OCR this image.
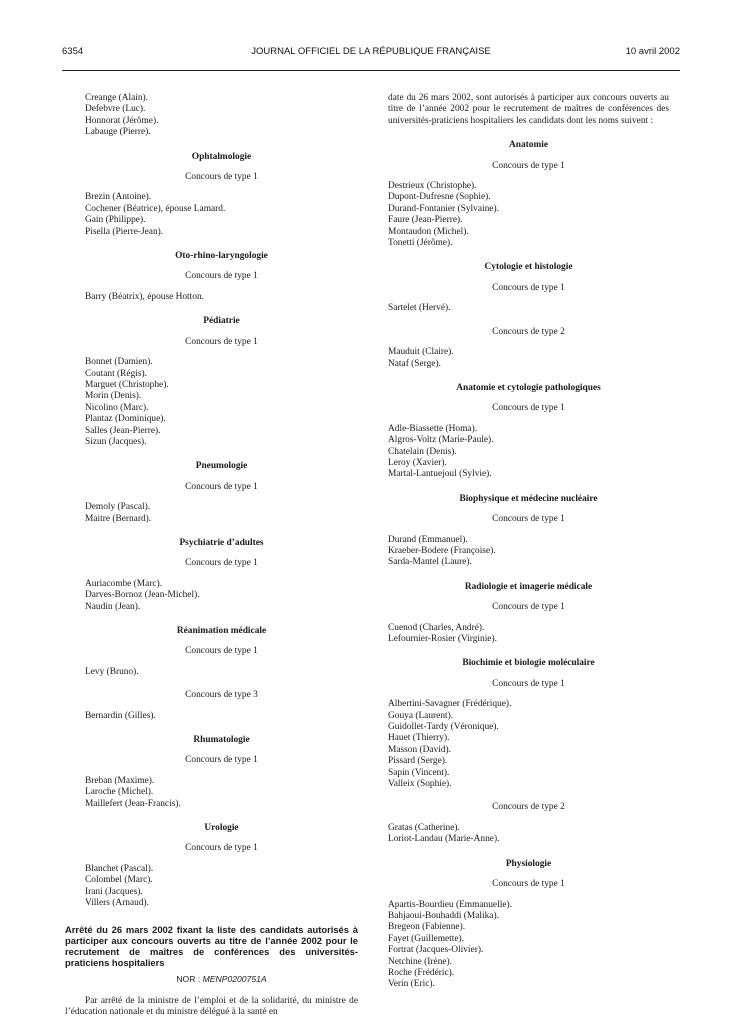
6354	JOURNAL OFFICIEL DE LA RÉPUBLIQUE FRANÇAISE	10 avril 2002
Creange (Alain).
Defebvre (Luc).
Honnorat (Jérôme).
Labauge (Pierre).
Ophtalmologie
Concours de type 1
Brezin (Antoine).
Cochener (Béatrice), épouse Lamard.
Gain (Philippe).
Pisella (Pierre-Jean).
Oto-rhino-laryngologie
Concours de type 1
Barry (Béatrix), épouse Hotton.
Pédiatrie
Concours de type 1
Bonnet (Damien).
Coutant (Régis).
Marguet (Christophe).
Morin (Denis).
Nicolino (Marc).
Plantaz (Dominique).
Salles (Jean-Pierre).
Sizun (Jacques).
Pneumologie
Concours de type 1
Demoly (Pascal).
Maitre (Bernard).
Psychiatrie d’adultes
Concours de type 1
Auriacombe (Marc).
Darves-Bornoz (Jean-Michel).
Naudin (Jean).
Réanimation médicale
Concours de type 1
Levy (Bruno).
Concours de type 3
Bernardin (Gilles).
Rhumatologie
Concours de type 1
Breban (Maxime).
Laroche (Michel).
Maillefert (Jean-Francis).
Urologie
Concours de type 1
Blanchet (Pascal).
Colombel (Marc).
Irani (Jacques).
Villers (Arnaud).
Arrêté du 26 mars 2002 fixant la liste des candidats autorisés à participer aux concours ouverts au titre de l’année 2002 pour le recrutement de maîtres de conférences des universités-praticiens hospitaliers
NOR : MENP0200751A
Par arrêté de la ministre de l’emploi et de la solidarité, du ministre de l’éducation nationale et du ministre délégué à la santé en
date du 26 mars 2002, sont autorisés à participer aux concours ouverts au titre de l’année 2002 pour le recrutement de maîtres de conférences des universités-praticiens hospitaliers les candidats dont les noms suivent :
Anatomie
Concours de type 1
Destrieux (Christophe).
Dupont-Dufresne (Sophie).
Durand-Fontanier (Sylvaine).
Faure (Jean-Pierre).
Montaudon (Michel).
Tonetti (Jérôme).
Cytologie et histologie
Concours de type 1
Sartelet (Hervé).
Concours de type 2
Mauduit (Claire).
Nataf (Serge).
Anatomie et cytologie pathologiques
Concours de type 1
Adle-Biassette (Homa).
Algros-Voltz (Marie-Paule).
Chatelain (Denis).
Leroy (Xavier).
Martal-Lantuejoul (Sylvie).
Biophysique et médecine nucléaire
Concours de type 1
Durand (Emmanuel).
Kraeber-Bodere (Françoise).
Sarda-Mantel (Laure).
Radiologie et imagerie médicale
Concours de type 1
Cuenod (Charles, André).
Lefournier-Rosier (Virginie).
Biochimie et biologie moléculaire
Concours de type 1
Albertini-Savagner (Frédérique).
Gouya (Laurent).
Guidollet-Tardy (Véronique).
Hauet (Thierry).
Masson (David).
Pissard (Serge).
Sapin (Vincent).
Valleix (Sophie).
Concours de type 2
Gratas (Catherine).
Loriot-Landau (Marie-Anne).
Physiologie
Concours de type 1
Apartis-Bourdieu (Emmanuelle).
Bahjaoui-Bouhaddi (Malika).
Bregeon (Fabienne).
Fayet (Guillemette).
Fortrat (Jacques-Olivier).
Netchine (Irène).
Roche (Frédéric).
Verin (Eric).
